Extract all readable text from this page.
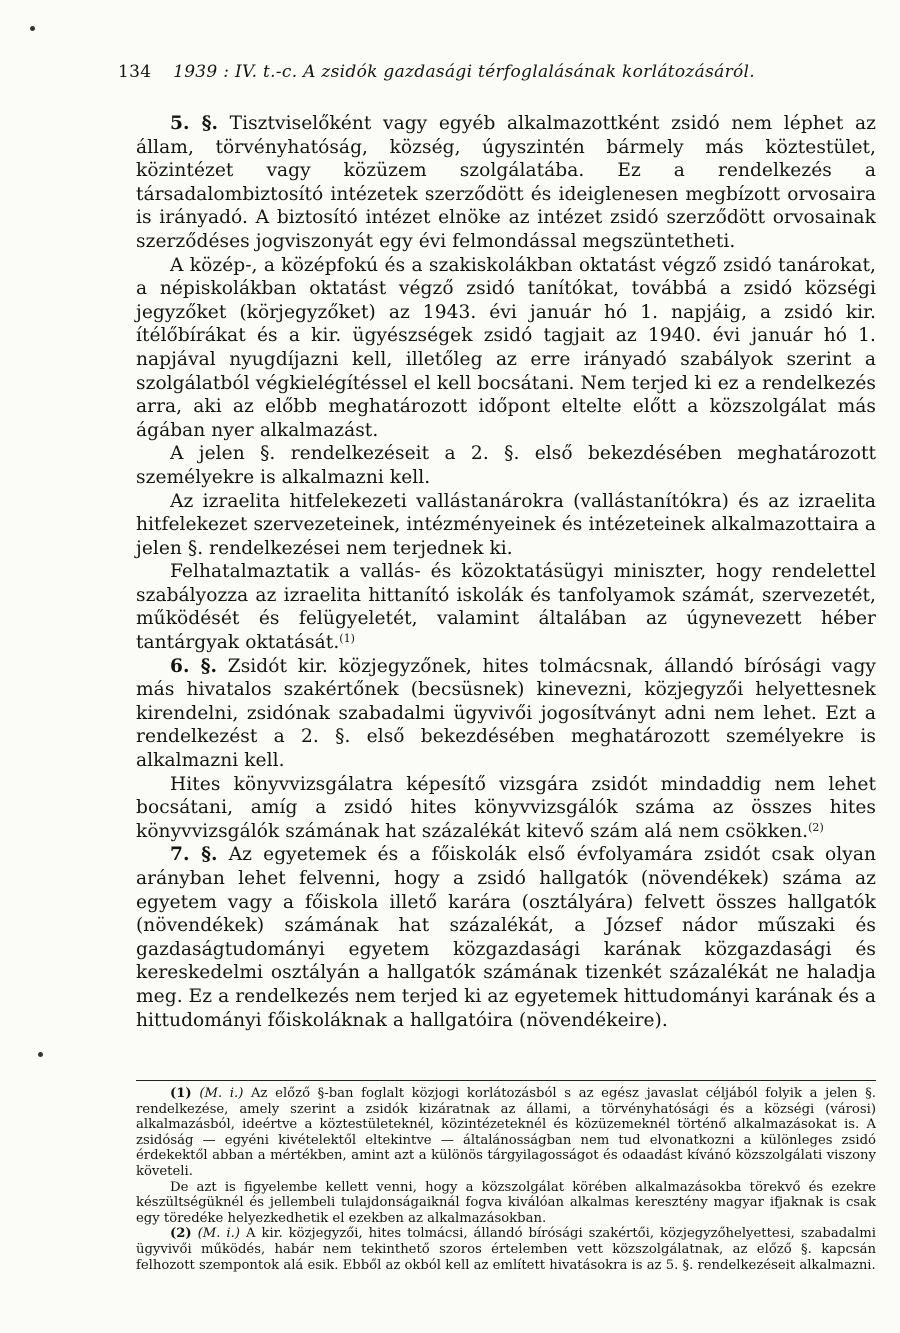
134 1939 : IV. t.-c. A zsidók gazdasági térfoglalásának korlátozásáról.

5. §. Tisztviselőként vagy egyéb alkalmazottként zsidó nem léphet az állam, törvényhatóság, község, úgyszintén bármely más köztestület, közintézet vagy közüzem szolgálatába. Ez a rendelkezés a társadalombiztosító intézetek szerződött és ideiglenesen megbízott orvosaira is irányadó. A biztosító intézet elnöke az intézet zsidó szerződött orvosainak szerződéses jogviszonyát egy évi felmondással megszüntetheti.

A közép-, a középfokú és a szakiskolákban oktatást végző zsidó tanárokat, a népiskolákban oktatást végző zsidó tanítókat, továbbá a zsidó községi jegyzőket (körjegyzőket) az 1943. évi január hó 1. napjáig, a zsidó kir. ítélőbírákat és a kir. ügyészségek zsidó tagjait az 1940. évi január hó 1. napjával nyugdíjazni kell, illetőleg az erre irányadó szabályok szerint a szolgálatból végkielégítéssel el kell bocsátani. Nem terjed ki ez a rendelkezés arra, aki az előbb meghatározott időpont eltelte előtt a közszolgálat más ágában nyer alkalmazást.

A jelen §. rendelkezéseit a 2. §. első bekezdésében meghatározott személyekre is alkalmazni kell.

Az izraelita hitfelekezeti vallástanárokra (vallástanítókra) és az izraelita hitfelekezet szervezeteinek, intézményeinek és intézeteinek alkalmazottaira a jelen §. rendelkezései nem terjednek ki.

Felhatalmaztatik a vallás- és közoktatásügyi miniszter, hogy rendelettel szabályozza az izraelita hittanító iskolák és tanfolyamok számát, szervezetét, működését és felügyeletét, valamint általában az úgynevezett héber tantárgyak oktatását.$^{(1)}$

6. §. Zsidót kir. közjegyzőnek, hites tolmácsnak, állandó bírósági vagy más hivatalos szakértőnek (becsüsnek) kinevezni, közjegyzői helyettesnek kirendelni, zsidónak szabadalmi ügyvivői jogosítványt adni nem lehet. Ezt a rendelkezést a 2. §. első bekezdésében meghatározott személyekre is alkalmazni kell.

Hites könyvvizsgálatra képesítő vizsgára zsidót mindaddig nem lehet bocsátani, amíg a zsidó hites könyvvizsgálók száma az összes hites könyvvizsgálók számának hat százalékát kitevő szám alá nem csökken.$^{(2)}$

7. §. Az egyetemek és a főiskolák első évfolyamára zsidót csak olyan arányban lehet felvenni, hogy a zsidó hallgatók (növendékek) száma az egyetem vagy a főiskola illető karára (osztályára) felvett összes hallgatók (növendékek) számának hat százalékát, a József nádor műszaki és gazdaságtudományi egyetem közgazdasági karának közgazdasági és kereskedelmi osztályán a hallgatók számának tizenkét százalékát ne haladja meg. Ez a rendelkezés nem terjed ki az egyetemek hittudományi karának és a hittudományi főiskoláknak a hallgatóira (növendékeire).

(1) (M. i.) Az előző §-ban foglalt közjogi korlátozásból s az egész javaslat céljából folyik a jelen §. rendelkezése, amely szerint a zsidók kizáratnak az állami, a törvényhatósági és a községi (városi) alkalmazásból, ideértve a köztestületeknél, közintézeteknél és közüzemeknél történő alkalmazásokat is. A zsidóság — egyéni kivételektől eltekintve — általánosságban nem tud elvonatkozni a különleges zsidó érdekektől abban a mértékben, amint azt a különös tárgyilagosságot és odaadást kívánó közszolgálati viszony követeli.

De azt is figyelembe kellett venni, hogy a közszolgálat körében alkalmazásokba törekvő és ezekre készültségüknél és jellembeli tulajdonságaiknál fogva kiválóan alkalmas keresztény magyar ifjaknak is csak egy töredéke helyezkedhetik el ezekben az alkalmazásokban.

(2) (M. i.) A kir. közjegyzői, hites tolmácsi, állandó bírósági szakértői, közjegyzőhelyettesi, szabadalmi ügyvivői működés, habár nem tekinthető szoros értelemben vett közszolgálatnak, az előző §. kapcsán felhozott szempontok alá esik. Ebből az okból kell az említett hivatásokra is az 5. §. rendelkezéseit alkalmazni.
